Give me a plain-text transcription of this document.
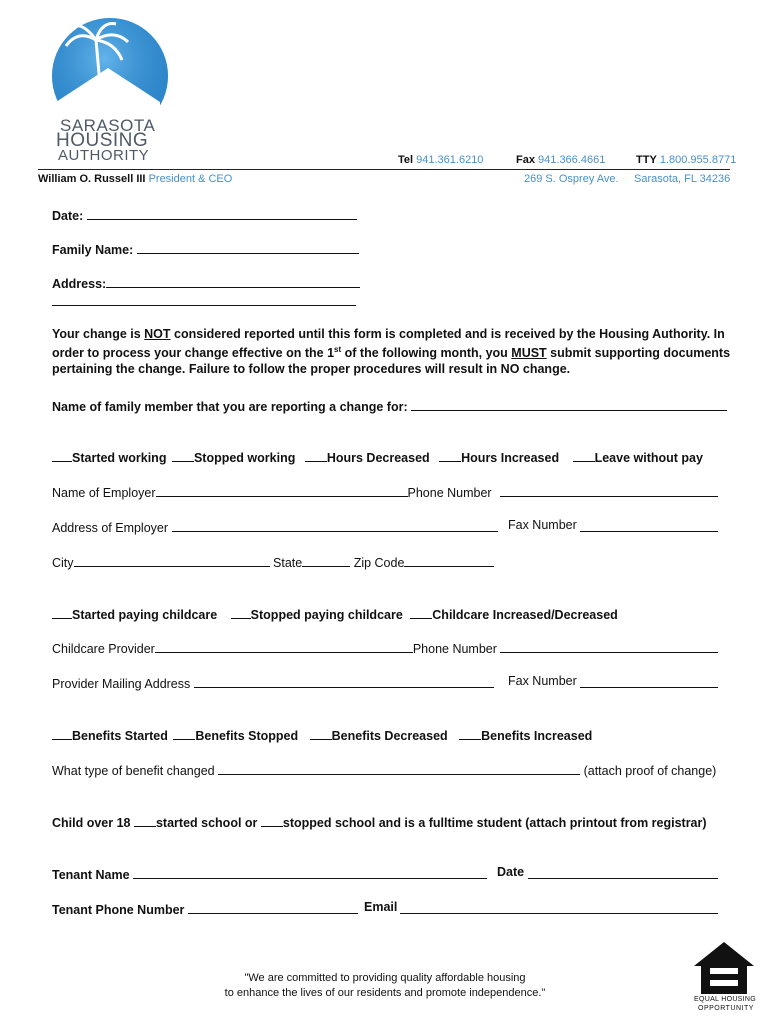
SARASOTA
HOUSING
AUTHORITY	Tel 941.361.6210	Fax 941.366.4661	TTY 1.800.955.8771
William O. Russell III President & CEO	269 S. Osprey Ave. Sarasota, FL 34236
Date:
Family Name:
Address:
Your change is NOT considered reported until this form is completed and is received by the Housing Authority. In
order to process your change effective on the 1st of the following month, you MUST submit supporting documents
pertaining the change. Failure to follow the proper procedures will result in NO change.
Name of family member that you are reporting a change for:
Started working Stopped working	Hours Decreased	Hours Increased	Leave without pay
Name of Employer	Phone Number
Address of Employer	Fax Number
City	State	Zip Code
Started paying childcare	Stopped paying childcare Childcare Increased/Decreased
Childcare Provider	Phone Number
Provider Mailing Address	Fax Number
Benefits Started Benefits Stopped	Benefits Decreased	Benefits Increased
What type of benefit changed	(attach proof of change)
Child over 18 started school or stopped school and is a fulltime student (attach printout from registrar)
Tenant Name	Date
Tenant Phone Number	Email
"We are committed to providing quality affordable housing
to enhance the lives of our residents and promote independence."
EQUAL HOUSING
OPPORTUNITY
